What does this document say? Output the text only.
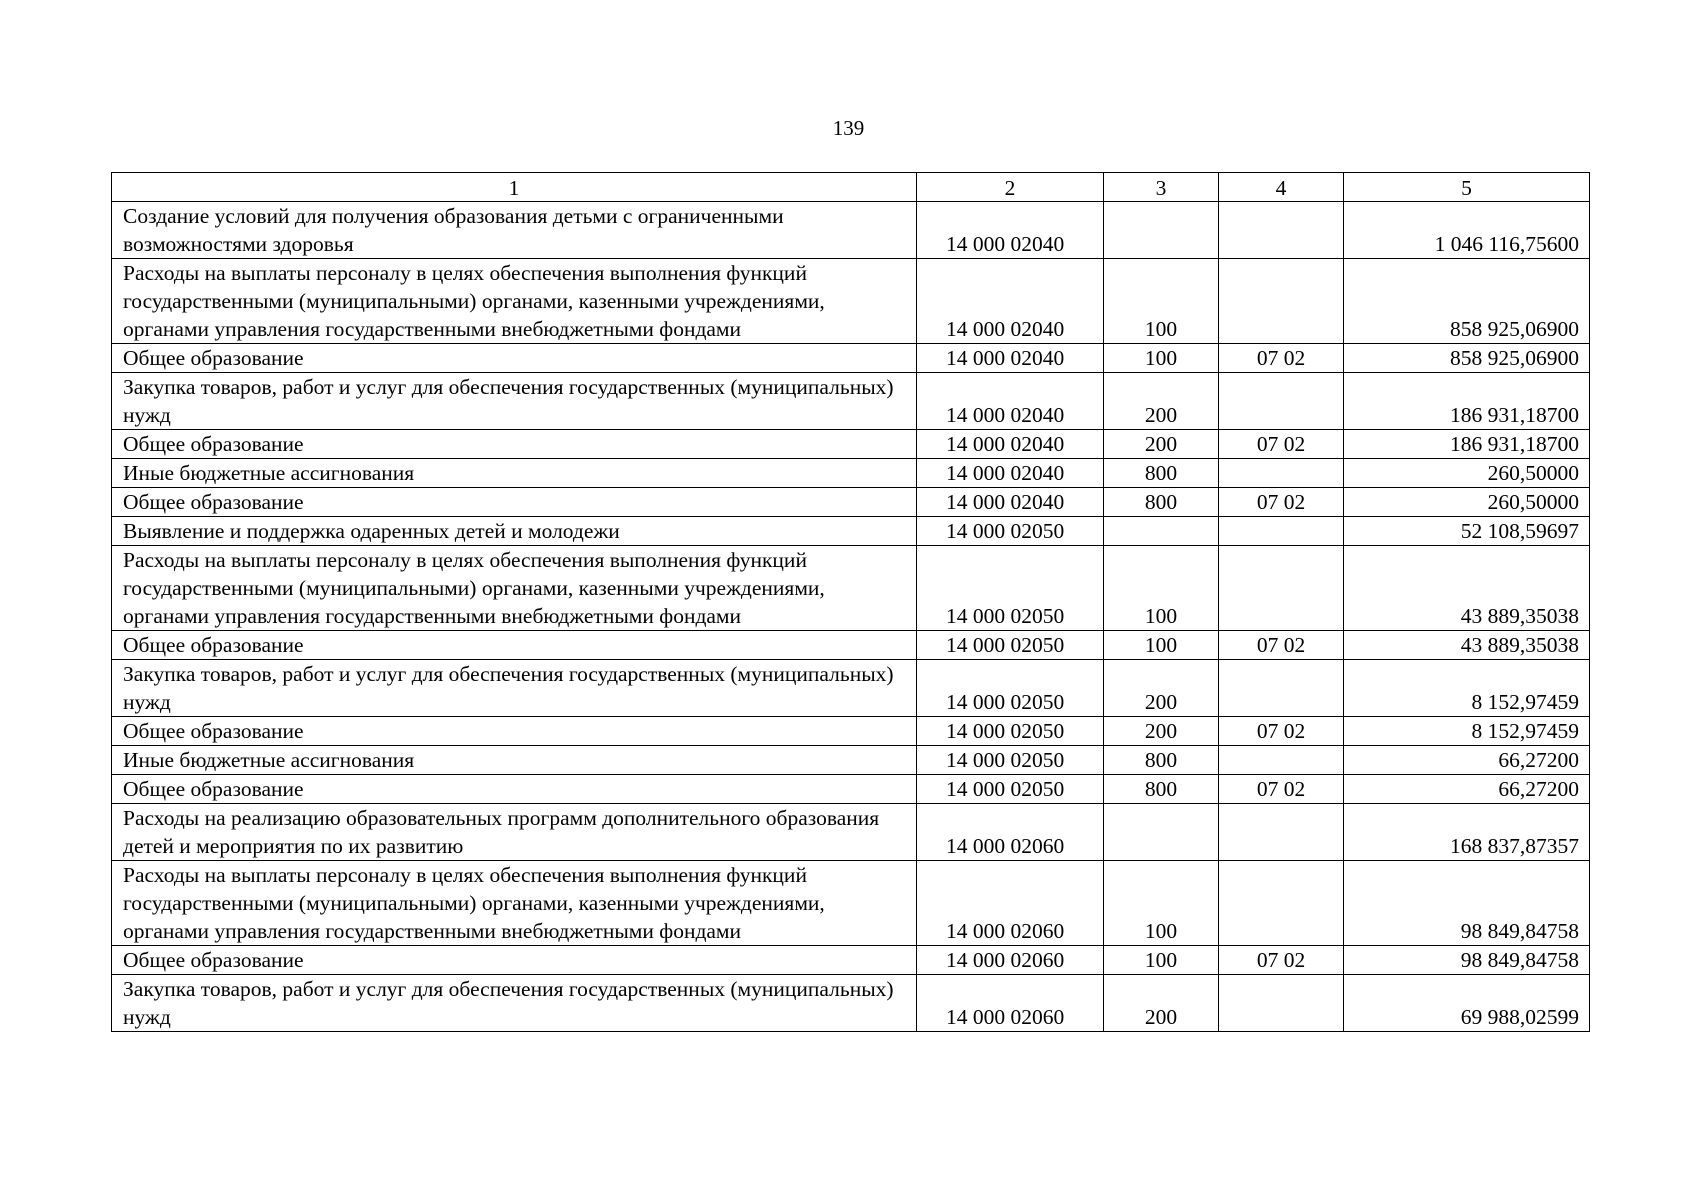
139
1	2	3	4	5
Создание условий для получения образования детьми с ограниченными возможностями здоровья	14 000 02040			1 046 116,75600
Расходы на выплаты персоналу в целях обеспечения выполнения функций государственными (муниципальными) органами, казенными учреждениями, органами управления государственными внебюджетными фондами	14 000 02040	100		858 925,06900
Общее образование	14 000 02040	100	07 02	858 925,06900
Закупка товаров, работ и услуг для обеспечения государственных (муниципальных) нужд	14 000 02040	200		186 931,18700
Общее образование	14 000 02040	200	07 02	186 931,18700
Иные бюджетные ассигнования	14 000 02040	800		260,50000
Общее образование	14 000 02040	800	07 02	260,50000
Выявление и поддержка одаренных детей и молодежи	14 000 02050			52 108,59697
Расходы на выплаты персоналу в целях обеспечения выполнения функций государственными (муниципальными) органами, казенными учреждениями, органами управления государственными внебюджетными фондами	14 000 02050	100		43 889,35038
Общее образование	14 000 02050	100	07 02	43 889,35038
Закупка товаров, работ и услуг для обеспечения государственных (муниципальных) нужд	14 000 02050	200		8 152,97459
Общее образование	14 000 02050	200	07 02	8 152,97459
Иные бюджетные ассигнования	14 000 02050	800		66,27200
Общее образование	14 000 02050	800	07 02	66,27200
Расходы на реализацию образовательных программ дополнительного образования детей и мероприятия по их развитию	14 000 02060			168 837,87357
Расходы на выплаты персоналу в целях обеспечения выполнения функций государственными (муниципальными) органами, казенными учреждениями, органами управления государственными внебюджетными фондами	14 000 02060	100		98 849,84758
Общее образование	14 000 02060	100	07 02	98 849,84758
Закупка товаров, работ и услуг для обеспечения государственных (муниципальных) нужд	14 000 02060	200		69 988,02599
